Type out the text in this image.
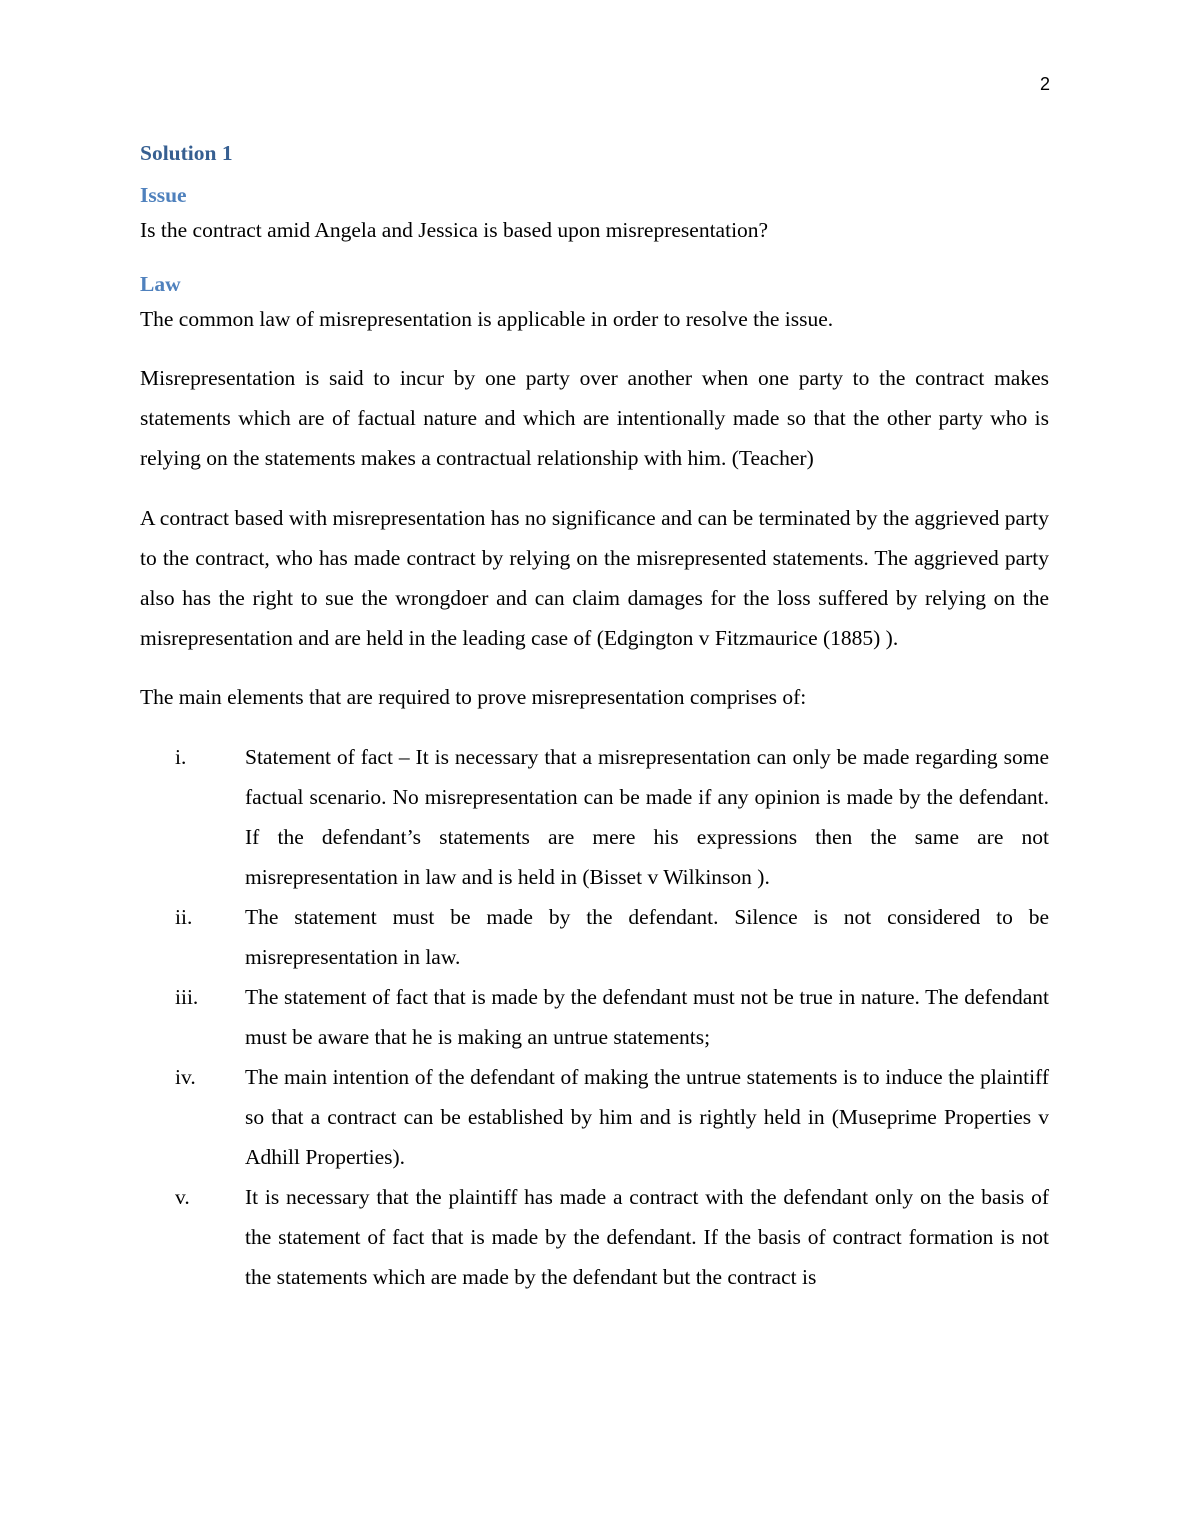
2
Solution 1
Issue

Is the contract amid Angela and Jessica is based upon misrepresentation?

Law

The common law of misrepresentation is applicable in order to resolve the issue.

Misrepresentation is said to incur by one party over another when one party to the contract makes statements which are of factual nature and which are intentionally made so that the other party who is relying on the statements makes a contractual relationship with him. (Teacher)

A contract based with misrepresentation has no significance and can be terminated by the aggrieved party to the contract, who has made contract by relying on the misrepresented statements. The aggrieved party also has the right to sue the wrongdoer and can claim damages for the loss suffered by relying on the misrepresentation and are held in the leading case of (Edgington v Fitzmaurice (1885) ).

The main elements that are required to prove misrepresentation comprises of:

i.	Statement of fact – It is necessary that a misrepresentation can only be made regarding some factual scenario. No misrepresentation can be made if any opinion is made by the defendant. If the defendant’s statements are mere his expressions then the same are not misrepresentation in law and is held in (Bisset v Wilkinson ).
ii. The statement must be made by the defendant. Silence is not considered to be misrepresentation in law.
iii. The statement of fact that is made by the defendant must not be true in nature. The defendant must be aware that he is making an untrue statements;
iv. The main intention of the defendant of making the untrue statements is to induce the plaintiff so that a contract can be established by him and is rightly held in (Museprime Properties v Adhill Properties).
v.	It is necessary that the plaintiff has made a contract with the defendant only on the basis of the statement of fact that is made by the defendant. If the basis of contract formation is not the statements which are made by the defendant but the contract is
